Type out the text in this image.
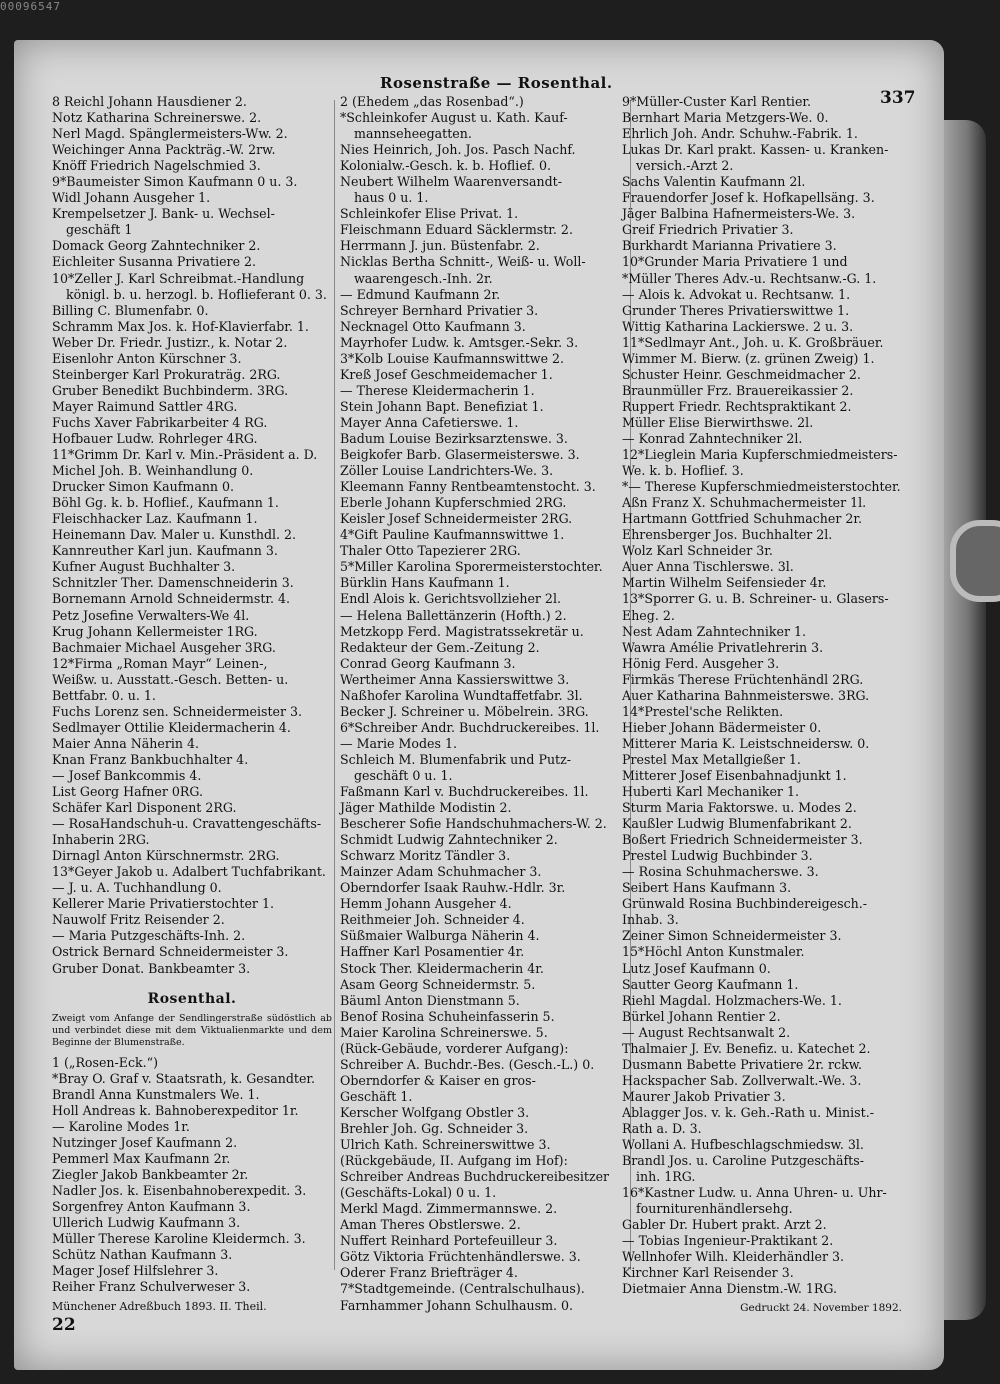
00096547
Rosenstraße — Rosenthal.
337
8 Reichl Johann Hausdiener 2.
Notz Katharina Schreinerswe. 2.
Nerl Magd. Spänglermeisters-Ww. 2.
Weichinger Anna Packträg.-W. 2rw.
Knöff Friedrich Nagelschmied 3.
9*Baumeister Simon Kaufmann 0 u. 3.
Widl Johann Ausgeher 1.
Krempelsetzer J. Bank- u. Wechsel-
geschäft 1
Domack Georg Zahntechniker 2.
Eichleiter Susanna Privatiere 2.
10*Zeller J. Karl Schreibmat.-Handlung
königl. b. u. herzogl. b. Hoflieferant 0. 3.
Billing C. Blumenfabr. 0.
Schramm Max Jos. k. Hof-Klavierfabr. 1.
Weber Dr. Friedr. Justizr., k. Notar 2.
Eisenlohr Anton Kürschner 3.
Steinberger Karl Prokuraträg. 2RG.
Gruber Benedikt Buchbinderm. 3RG.
Mayer Raimund Sattler 4RG.
Fuchs Xaver Fabrikarbeiter 4 RG.
Hofbauer Ludw. Rohrleger 4RG.
11*Grimm Dr. Karl v. Min.-Präsident a. D.
Michel Joh. B. Weinhandlung 0.
Drucker Simon Kaufmann 0.
Böhl Gg. k. b. Hoflief., Kaufmann 1.
Fleischhacker Laz. Kaufmann 1.
Heinemann Dav. Maler u. Kunsthdl. 2.
Kannreuther Karl jun. Kaufmann 3.
Kufner August Buchhalter 3.
Schnitzler Ther. Damenschneiderin 3.
Bornemann Arnold Schneidermstr. 4.
Petz Josefine Verwalters-We 4l.
Krug Johann Kellermeister 1RG.
Bachmaier Michael Ausgeher 3RG.
12*Firma „Roman Mayr“ Leinen-,
Weißw. u. Ausstatt.-Gesch. Betten- u.
Bettfabr. 0. u. 1.
Fuchs Lorenz sen. Schneidermeister 3.
Sedlmayer Ottilie Kleidermacherin 4.
Maier Anna Näherin 4.
Knan Franz Bankbuchhalter 4.
— Josef Bankcommis 4.
List Georg Hafner 0RG.
Schäfer Karl Disponent 2RG.
— RosaHandschuh-u. Cravattengeschäfts-
Inhaberin 2RG.
Dirnagl Anton Kürschnermstr. 2RG.
13*Geyer Jakob u. Adalbert Tuchfabrikant.
— J. u. A. Tuchhandlung 0.
Kellerer Marie Privatierstochter 1.
Nauwolf Fritz Reisender 2.
— Maria Putzgeschäfts-Inh. 2.
Ostrick Bernard Schneidermeister 3.
Gruber Donat. Bankbeamter 3.
Rosenthal.
Zweigt vom Anfange der Sendlingerstraße südöstlich ab und verbindet diese mit dem Viktualienmarkte und dem Beginne der Blumenstraße.
1 („Rosen-Eck.“)
*Bray O. Graf v. Staatsrath, k. Gesandter.
Brandl Anna Kunstmalers We. 1.
Holl Andreas k. Bahnoberexpeditor 1r.
— Karoline Modes 1r.
Nutzinger Josef Kaufmann 2.
Pemmerl Max Kaufmann 2r.
Ziegler Jakob Bankbeamter 2r.
Nadler Jos. k. Eisenbahnoberexpedit. 3.
Sorgenfrey Anton Kaufmann 3.
Ullerich Ludwig Kaufmann 3.
Müller Therese Karoline Kleidermch. 3.
Schütz Nathan Kaufmann 3.
Mager Josef Hilfslehrer 3.
Reiher Franz Schulverweser 3.
Münchener Adreßbuch 1893. II. Theil.
22
2 (Ehedem „das Rosenbad“.)
*Schleinkofer August u. Kath. Kauf-
mannseheegatten.
Nies Heinrich, Joh. Jos. Pasch Nachf.
Kolonialw.-Gesch. k. b. Hoflief. 0.
Neubert Wilhelm Waarenversandt-
haus 0 u. 1.
Schleinkofer Elise Privat. 1.
Fleischmann Eduard Säcklermstr. 2.
Herrmann J. jun. Büstenfabr. 2.
Nicklas Bertha Schnitt-, Weiß- u. Woll-
waarengesch.-Inh. 2r.
— Edmund Kaufmann 2r.
Schreyer Bernhard Privatier 3.
Necknagel Otto Kaufmann 3.
Mayrhofer Ludw. k. Amtsger.-Sekr. 3.
3*Kolb Louise Kaufmannswittwe 2.
Kreß Josef Geschmeidemacher 1.
— Therese Kleidermacherin 1.
Stein Johann Bapt. Benefiziat 1.
Mayer Anna Cafetierswe. 1.
Badum Louise Bezirksarztenswe. 3.
Beigkofer Barb. Glasermeisterswe. 3.
Zöller Louise Landrichters-We. 3.
Kleemann Fanny Rentbeamtenstocht. 3.
Eberle Johann Kupferschmied 2RG.
Keisler Josef Schneidermeister 2RG.
4*Gift Pauline Kaufmannswittwe 1.
Thaler Otto Tapezierer 2RG.
5*Miller Karolina Sporermeisterstochter.
Bürklin Hans Kaufmann 1.
Endl Alois k. Gerichtsvollzieher 2l.
— Helena Ballettänzerin (Hofth.) 2.
Metzkopp Ferd. Magistratssekretär u.
Redakteur der Gem.-Zeitung 2.
Conrad Georg Kaufmann 3.
Wertheimer Anna Kassierswittwe 3.
Naßhofer Karolina Wundtaffetfabr. 3l.
Becker J. Schreiner u. Möbelrein. 3RG.
6*Schreiber Andr. Buchdruckereibes. 1l.
— Marie Modes 1.
Schleich M. Blumenfabrik und Putz-
geschäft 0 u. 1.
Faßmann Karl v. Buchdruckereibes. 1l.
Jäger Mathilde Modistin 2.
Bescherer Sofie Handschuhmachers-W. 2.
Schmidt Ludwig Zahntechniker 2.
Schwarz Moritz Tändler 3.
Mainzer Adam Schuhmacher 3.
Oberndorfer Isaak Rauhw.-Hdlr. 3r.
Hemm Johann Ausgeher 4.
Reithmeier Joh. Schneider 4.
Süßmaier Walburga Näherin 4.
Haffner Karl Posamentier 4r.
Stock Ther. Kleidermacherin 4r.
Asam Georg Schneidermstr. 5.
Bäuml Anton Dienstmann 5.
Benof Rosina Schuheinfasserin 5.
Maier Karolina Schreinerswe. 5.
(Rück-Gebäude, vorderer Aufgang):
Schreiber A. Buchdr.-Bes. (Gesch.-L.) 0.
Oberndorfer & Kaiser en gros-
Geschäft 1.
Kerscher Wolfgang Obstler 3.
Brehler Joh. Gg. Schneider 3.
Ulrich Kath. Schreinerswittwe 3.
(Rückgebäude, II. Aufgang im Hof):
Schreiber Andreas Buchdruckereibesitzer
(Geschäfts-Lokal) 0 u. 1.
Merkl Magd. Zimmermannswe. 2.
Aman Theres Obstlerswe. 2.
Nuffert Reinhard Portefeuilleur 3.
Götz Viktoria Früchtenhändlerswe. 3.
Oderer Franz Briefträger 4.
7*Stadtgemeinde. (Centralschulhaus).
Farnhammer Johann Schulhausm. 0.
9*Müller-Custer Karl Rentier.
Bernhart Maria Metzgers-We. 0.
Ehrlich Joh. Andr. Schuhw.-Fabrik. 1.
Lukas Dr. Karl prakt. Kassen- u. Kranken-
versich.-Arzt 2.
Sachs Valentin Kaufmann 2l.
Frauendorfer Josef k. Hofkapellsäng. 3.
Jäger Balbina Hafnermeisters-We. 3.
Greif Friedrich Privatier 3.
Burkhardt Marianna Privatiere 3.
10*Grunder Maria Privatiere 1 und
*Müller Theres Adv.-u. Rechtsanw.-G. 1.
— Alois k. Advokat u. Rechtsanw. 1.
Grunder Theres Privatierswittwe 1.
Wittig Katharina Lackierswe. 2 u. 3.
11*Sedlmayr Ant., Joh. u. K. Großbräuer.
Wimmer M. Bierw. (z. grünen Zweig) 1.
Schuster Heinr. Geschmeidmacher 2.
Braunmüller Frz. Brauereikassier 2.
Ruppert Friedr. Rechtspraktikant 2.
Müller Elise Bierwirthswe. 2l.
— Konrad Zahntechniker 2l.
12*Lieglein Maria Kupferschmiedmeisters-
We. k. b. Hoflief. 3.
*— Therese Kupferschmiedmeisterstochter.
Aßn Franz X. Schuhmachermeister 1l.
Hartmann Gottfried Schuhmacher 2r.
Ehrensberger Jos. Buchhalter 2l.
Wolz Karl Schneider 3r.
Auer Anna Tischlerswe. 3l.
Martin Wilhelm Seifensieder 4r.
13*Sporrer G. u. B. Schreiner- u. Glasers-
Eheg. 2.
Nest Adam Zahntechniker 1.
Wawra Amélie Privatlehrerin 3.
Hönig Ferd. Ausgeher 3.
Firmkäs Therese Früchtenhändl 2RG.
Auer Katharina Bahnmeisterswe. 3RG.
14*Prestel'sche Relikten.
Hieber Johann Bädermeister 0.
Mitterer Maria K. Leistschneidersw. 0.
Prestel Max Metallgießer 1.
Mitterer Josef Eisenbahnadjunkt 1.
Huberti Karl Mechaniker 1.
Sturm Maria Faktorswe. u. Modes 2.
Kaußler Ludwig Blumenfabrikant 2.
Boßert Friedrich Schneidermeister 3.
Prestel Ludwig Buchbinder 3.
— Rosina Schuhmacherswe. 3.
Seibert Hans Kaufmann 3.
Grünwald Rosina Buchbindereigesch.-
Inhab. 3.
Zeiner Simon Schneidermeister 3.
15*Höchl Anton Kunstmaler.
Lutz Josef Kaufmann 0.
Sautter Georg Kaufmann 1.
Riehl Magdal. Holzmachers-We. 1.
Bürkel Johann Rentier 2.
— August Rechtsanwalt 2.
Thalmaier J. Ev. Benefiz. u. Katechet 2.
Dusmann Babette Privatiere 2r. rckw.
Hackspacher Sab. Zollverwalt.-We. 3.
Maurer Jakob Privatier 3.
Ablagger Jos. v. k. Geh.-Rath u. Minist.-
Rath a. D. 3.
Wollani A. Hufbeschlagschmiedsw. 3l.
Brandl Jos. u. Caroline Putzgeschäfts-
inh. 1RG.
16*Kastner Ludw. u. Anna Uhren- u. Uhr-
fourniturenhändlersehg.
Gabler Dr. Hubert prakt. Arzt 2.
— Tobias Ingenieur-Praktikant 2.
Wellnhofer Wilh. Kleiderhändler 3.
Kirchner Karl Reisender 3.
Dietmaier Anna Dienstm.-W. 1RG.
Gedruckt 24. November 1892.
